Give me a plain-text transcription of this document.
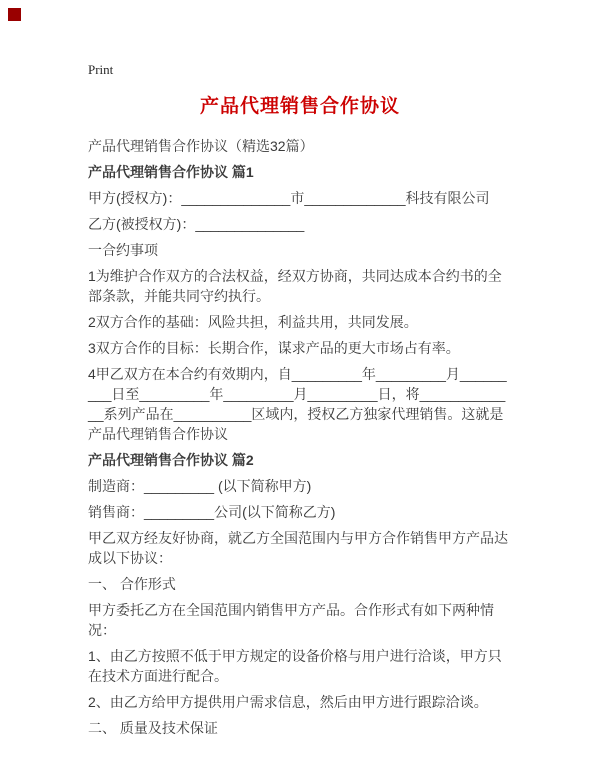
Print
产品代理销售合作协议
产品代理销售合作协议（精选32篇）

产品代理销售合作协议 篇1

甲方(授权方)：______________市_____________科技有限公司

乙方(被授权方)：______________

一合约事项

1为维护合作双方的合法权益，经双方协商，共同达成本合约书的全部条款，并能共同守约执行。

2双方合作的基础：风险共担，利益共用，共同发展。

3双方合作的目标：长期合作，谋求产品的更大市场占有率。

4甲乙双方在本合约有效期内，自_________年_________月_________日至_________年_________月_________日，将_____________系列产品在__________区域内，授权乙方独家代理销售。这就是产品代理销售合作协议

产品代理销售合作协议 篇2

制造商：_________ (以下简称甲方)

销售商：_________公司(以下简称乙方)

甲乙双方经友好协商，就乙方全国范围内与甲方合作销售甲方产品达成以下协议：

一、 合作形式

甲方委托乙方在全国范围内销售甲方产品。合作形式有如下两种情况：

1、由乙方按照不低于甲方规定的设备价格与用户进行洽谈，甲方只在技术方面进行配合。

2、由乙方给甲方提供用户需求信息，然后由甲方进行跟踪洽谈。

二、 质量及技术保证
